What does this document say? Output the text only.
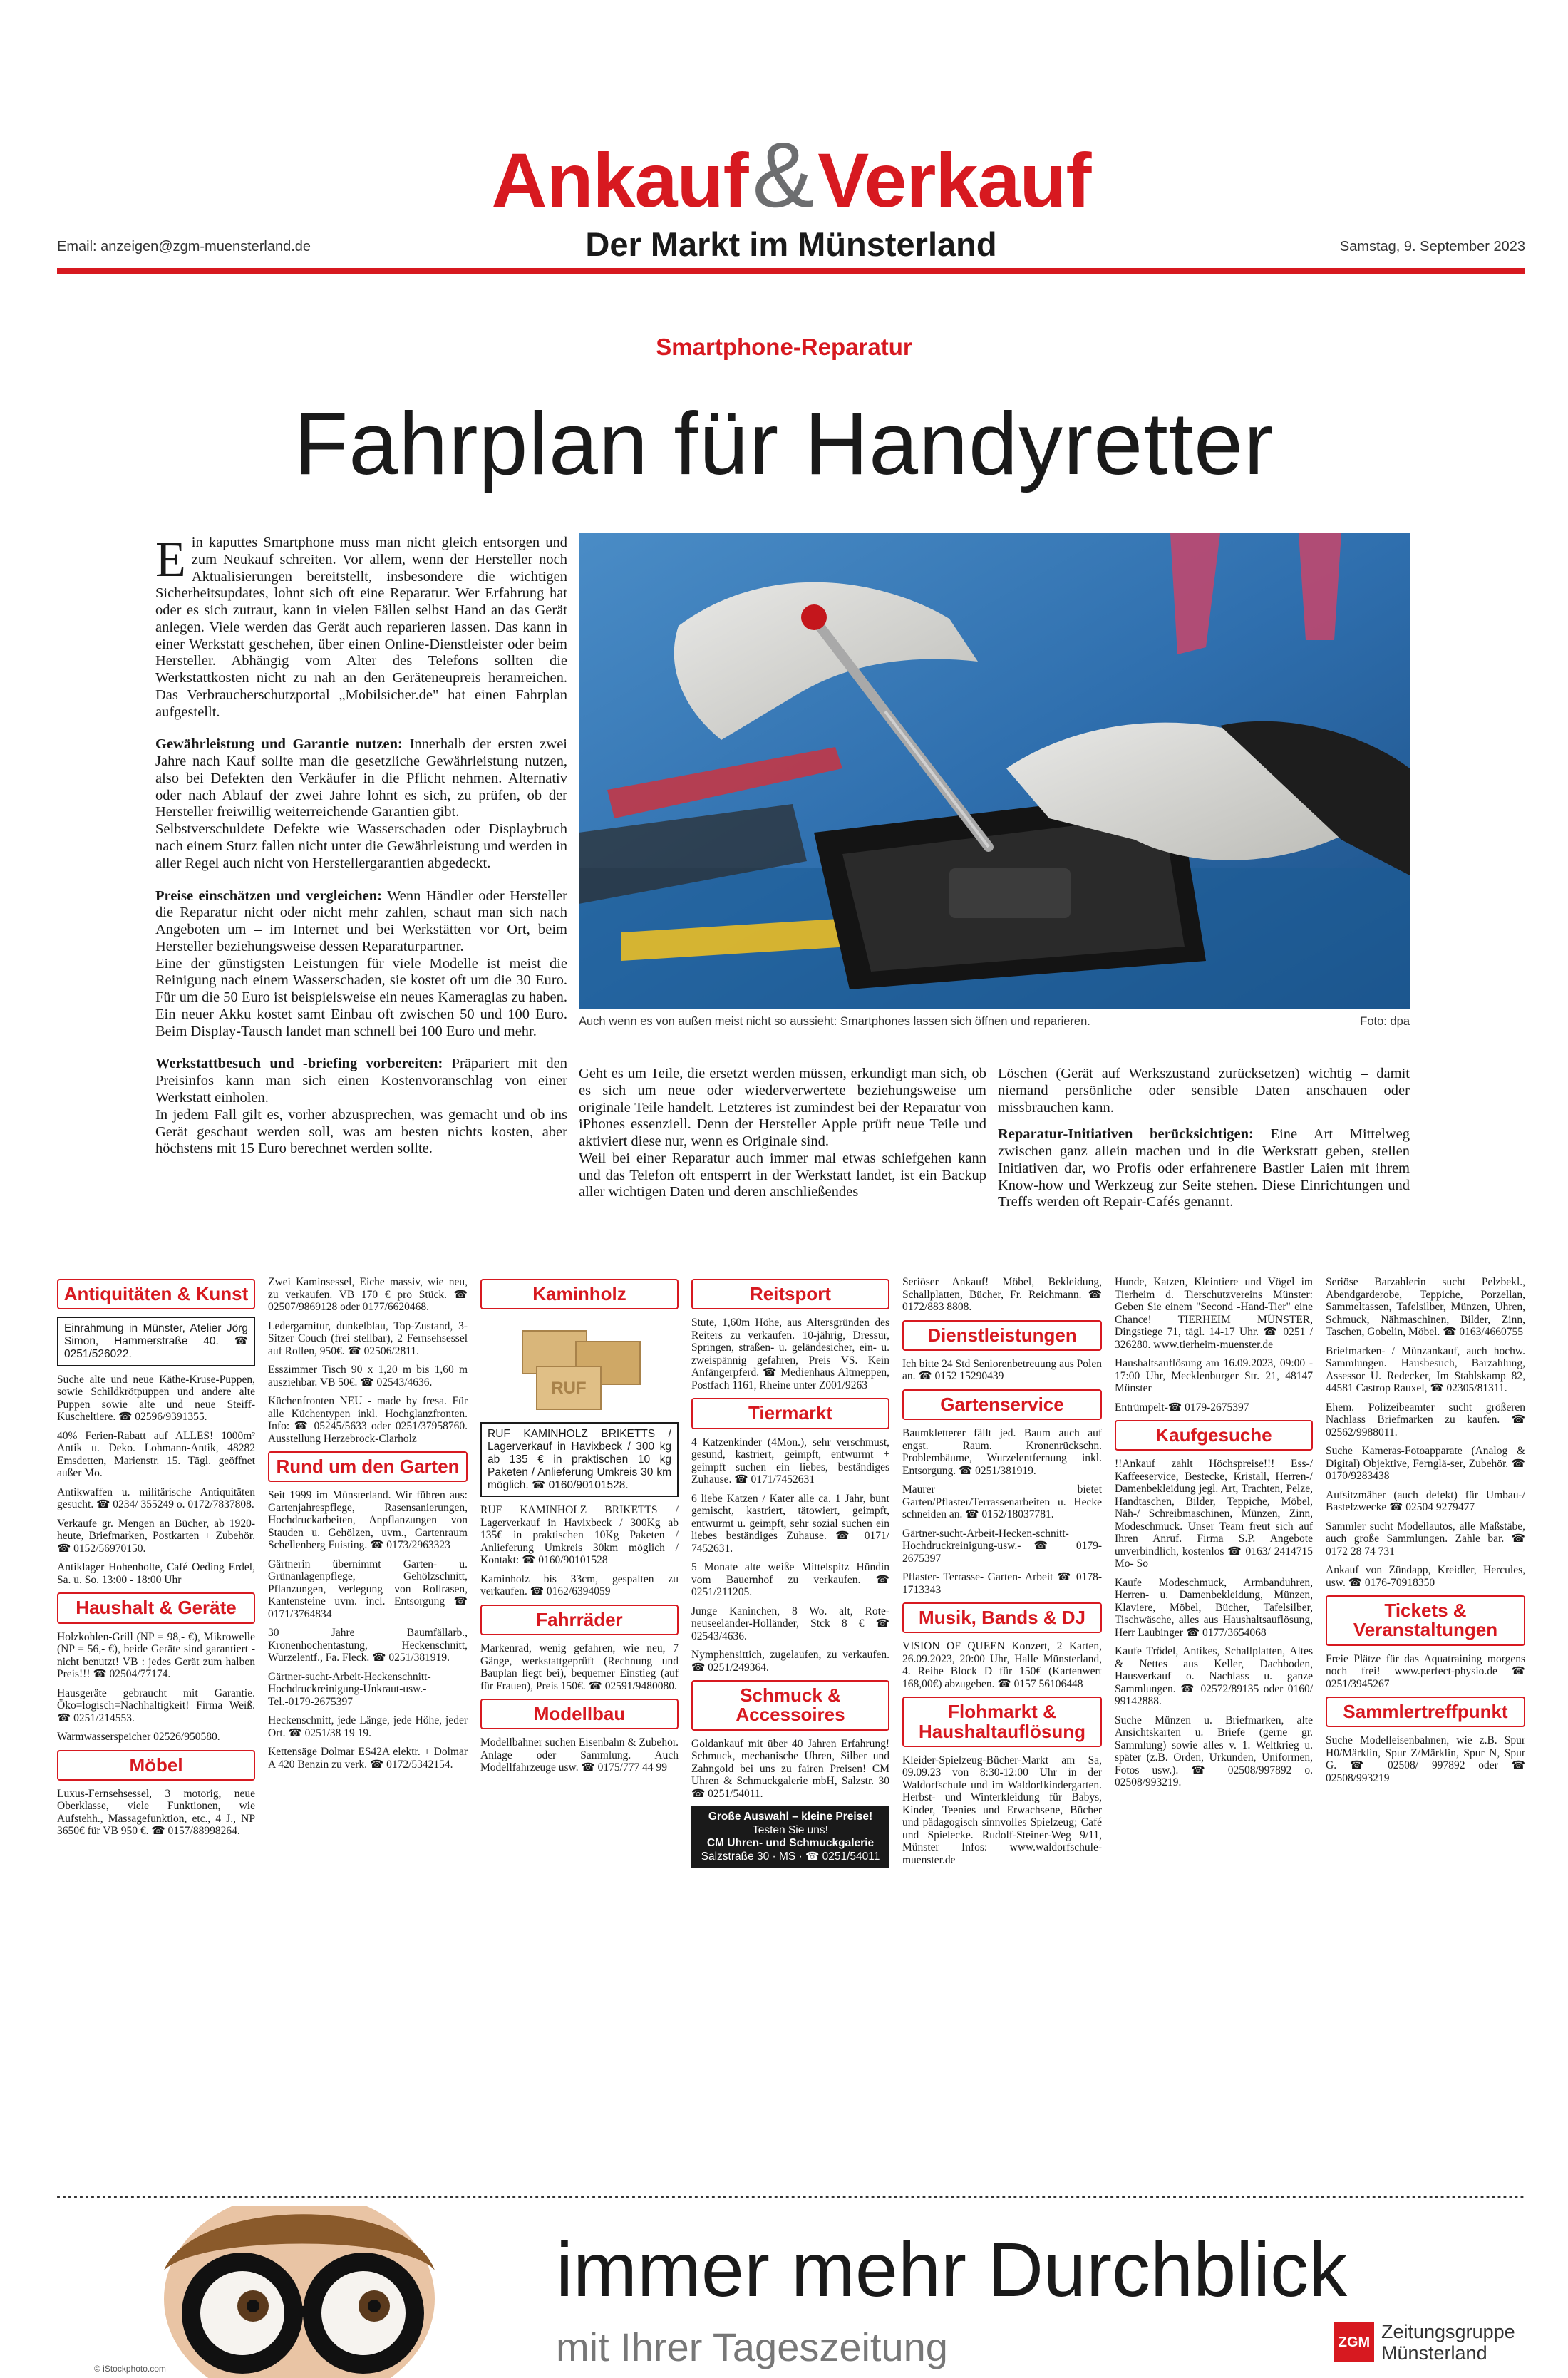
Ankauf&Verkauf
Email: anzeigen@zgm-muensterland.de	Der Markt im Münsterland	Samstag, 9. September 2023
Smartphone-Reparatur
Fahrplan für Handyretter

Ein kaputtes Smartphone muss man nicht gleich entsorgen und zum Neukauf schreiten. Vor allem, wenn der Hersteller noch Aktualisierungen bereitstellt, insbesondere die wichtigen Sicherheitsupdates, lohnt sich oft eine Reparatur. Wer Erfahrung hat oder es sich zutraut, kann in vielen Fällen selbst Hand an das Gerät anlegen. Viele werden das Gerät auch reparieren lassen. Das kann in einer Werkstatt geschehen, über einen Online-Dienstleister oder beim Hersteller. Abhängig vom Alter des Telefons sollten die Werkstattkosten nicht zu nah an den Geräteneupreis heranreichen. Das Verbraucherschutzportal „Mobilsicher.de" hat einen Fahrplan aufgestellt.

Gewährleistung und Garantie nutzen: Innerhalb der ersten zwei Jahre nach Kauf sollte man die gesetzliche Gewährleistung nutzen, also bei Defekten den Verkäufer in die Pflicht nehmen. Alternativ oder nach Ablauf der zwei Jahre lohnt es sich, zu prüfen, ob der Hersteller freiwillig weiterreichende Garantien gibt.
Selbstverschuldete Defekte wie Wasserschaden oder Displaybruch nach einem Sturz fallen nicht unter die Gewährleistung und werden in aller Regel auch nicht von Herstellergarantien abgedeckt.

Preise einschätzen und vergleichen: Wenn Händler oder Hersteller die Reparatur nicht oder nicht mehr zahlen, schaut man sich nach Angeboten um – im Internet und bei Werkstätten vor Ort, beim Hersteller beziehungsweise dessen Reparaturpartner.
Eine der günstigsten Leistungen für viele Modelle ist meist die Reinigung nach einem Wasserschaden, sie kostet oft um die 30 Euro. Für um die 50 Euro ist beispielsweise ein neues Kameraglas zu haben. Ein neuer Akku kostet samt Einbau oft zwischen 50 und 100 Euro. Beim Display-Tausch landet man schnell bei 100 Euro und mehr.

Werkstattbesuch und -briefing vorbereiten: Präpariert mit den Preisinfos kann man sich einen Kostenvoranschlag von einer Werkstatt einholen.
In jedem Fall gilt es, vorher abzusprechen, was gemacht und ob ins Gerät geschaut werden soll, was am besten nichts kosten, aber höchstens mit 15 Euro berechnet werden sollte.

Auch wenn es von außen meist nicht so aussieht: Smartphones lassen sich öffnen und reparieren.	Foto: dpa

Geht es um Teile, die ersetzt werden müssen, erkundigt man sich, ob es sich um neue oder wiederverwertete beziehungsweise um originale Teile handelt. Letzteres ist zumindest bei der Reparatur von iPhones essenziell. Denn der Hersteller Apple prüft neue Teile und aktiviert diese nur, wenn es Originale sind.
Weil bei einer Reparatur auch immer mal etwas schiefgehen kann und das Telefon oft entsperrt in der Werkstatt landet, ist ein Backup aller wichtigen Daten und deren anschließendes

Löschen (Gerät auf Werkszustand zurücksetzen) wichtig – damit niemand persönliche oder sensible Daten anschauen oder missbrauchen kann.

Reparatur-Initiativen berücksichtigen: Eine Art Mittelweg zwischen ganz allein machen und in die Werkstatt geben, stellen Initiativen dar, wo Profis oder erfahrenere Bastler Laien mit ihrem Know-how und Werkzeug zur Seite stehen. Diese Einrichtungen und Treffs werden oft Repair-Cafés genannt.

Antiquitäten & Kunst
Einrahmung in Münster, Atelier Jörg Simon, Hammerstraße 40. ☎ 0251/526022.
Suche alte und neue Käthe-Kruse-Puppen, sowie Schildkrötpuppen und andere alte Puppen sowie alte und neue Steiff-Kuscheltiere. ☎ 02596/9391355.
40% Ferien-Rabatt auf ALLES! 1000m² Antik u. Deko. Lohmann-Antik, 48282 Emsdetten, Marienstr. 15. Tägl. geöffnet außer Mo.
Antikwaffen u. militärische Antiquitäten gesucht. ☎ 0234/ 355249 o. 0172/7837808.
Verkaufe gr. Mengen an Bücher, ab 1920-heute, Briefmarken, Postkarten + Zubehör. ☎ 0152/56970150.
Antiklager Hohenholte, Café Oeding Erdel, Sa. u. So. 13:00 - 18:00 Uhr
Haushalt & Geräte
Holzkohlen-Grill (NP = 98,- €), Mikrowelle (NP = 56,- €), beide Geräte sind garantiert - nicht benutzt! VB : jedes Gerät zum halben Preis!!! ☎ 02504/77174.
Hausgeräte gebraucht mit Garantie. Öko=logisch=Nachhaltigkeit! Firma Weiß. ☎ 0251/214553.
Warmwasserspeicher 02526/950580.
Möbel
Luxus-Fernsehsessel, 3 motorig, neue Oberklasse, viele Funktionen, wie Aufstehh., Massagefunktion, etc., 4 J., NP 3650€ für VB 950 €. ☎ 0157/88998264.
Zwei Kaminsessel, Eiche massiv, wie neu, zu verkaufen. VB 170 € pro Stück. ☎ 02507/9869128 oder 0177/6620468.
Ledergarnitur, dunkelblau, Top-Zustand, 3-Sitzer Couch (frei stellbar), 2 Fernsehsessel auf Rollen, 950€. ☎ 02506/2811.
Esszimmer Tisch 90 x 1,20 m bis 1,60 m ausziehbar. VB 50€. ☎ 02543/4636.
Küchenfronten NEU - made by fresa. Für alle Küchentypen inkl. Hochglanzfronten. Info: ☎ 05245/5633 oder 0251/37958760. Ausstellung Herzebrock-Clarholz
Rund um den Garten
Seit 1999 im Münsterland. Wir führen aus: Gartenjahrespflege, Rasensanierungen, Hochdruckarbeiten, Anpflanzungen von Stauden u. Gehölzen, uvm., Gartenraum Schellenberg Fuisting. ☎ 0173/2963323
Gärtnerin übernimmt Garten- u. Grünanlagenpflege, Gehölzschnitt, Pflanzungen, Verlegung von Rollrasen, Kantensteine uvm. incl. Entsorgung ☎ 0171/3764834
30 Jahre Baumfällarb., Kronenhochentastung, Heckenschnitt, Wurzelentf., Fa. Fleck. ☎ 0251/381919.
Gärtner-sucht-Arbeit-Heckenschnitt-Hochdruckreinigung-Unkraut-usw.-Tel.-0179-2675397
Heckenschnitt, jede Länge, jede Höhe, jeder Ort. ☎ 0251/38 19 19.
Kettensäge Dolmar ES42A elektr. + Dolmar A 420 Benzin zu verk. ☎ 0172/5342154.
Kaminholz
RUF
RUF KAMINHOLZ BRIKETTS / Lagerverkauf in Havixbeck / 300 kg ab 135 € in praktischen 10 kg Paketen / Anlieferung Umkreis 30 km möglich. ☎ 0160/90101528.
RUF KAMINHOLZ BRIKETTS / Lagerverkauf in Havixbeck / 300Kg ab 135€ in praktischen 10Kg Paketen / Anlieferung Umkreis 30km möglich / Kontakt: ☎ 0160/90101528
Kaminholz bis 33cm, gespalten zu verkaufen. ☎ 0162/6394059
Fahrräder
Markenrad, wenig gefahren, wie neu, 7 Gänge, werkstattgeprüft (Rechnung und Bauplan liegt bei), bequemer Einstieg (auf für Frauen), Preis 150€. ☎ 02591/9480080.
Modellbau
Modellbahner suchen Eisenbahn & Zubehör. Anlage oder Sammlung. Auch Modellfahrzeuge usw. ☎ 0175/777 44 99
Reitsport
Stute, 1,60m Höhe, aus Altersgründen des Reiters zu verkaufen. 10-jährig, Dressur, Springen, straßen- u. geländesicher, ein- u. zweispännig gefahren, Preis VS. Kein Anfängerpferd. ☎ Medienhaus Altmeppen, Postfach 1161, Rheine unter Z001/9263
Tiermarkt
4 Katzenkinder (4Mon.), sehr verschmust, gesund, kastriert, geimpft, entwurmt + geimpft suchen ein liebes, beständiges Zuhause. ☎ 0171/7452631
6 liebe Katzen / Kater alle ca. 1 Jahr, bunt gemischt, kastriert, tätowiert, geimpft, entwurmt u. geimpft, sehr sozial suchen ein liebes beständiges Zuhause. ☎ 0171/ 7452631.
5 Monate alte weiße Mittelspitz Hündin vom Bauernhof zu verkaufen. ☎ 0251/211205.
Junge Kaninchen, 8 Wo. alt, Rote-neuseeländer-Holländer, Stck 8 € ☎ 02543/4636.
Nymphensittich, zugelaufen, zu verkaufen. ☎ 0251/249364.
Schmuck & Accessoires
Goldankauf mit über 40 Jahren Erfahrung! Schmuck, mechanische Uhren, Silber und Zahngold bei uns zu fairen Preisen! CM Uhren & Schmuckgalerie mbH, Salzstr. 30 ☎ 0251/54011.
Große Auswahl – kleine Preise!
Testen Sie uns!
CM Uhren- und Schmuckgalerie
Salzstraße 30 · MS · ☎ 0251/54011
Seriöser Ankauf! Möbel, Bekleidung, Schallplatten, Bücher, Fr. Reichmann. ☎ 0172/883 8808.
Dienstleistungen
Ich bitte 24 Std Seniorenbetreuung aus Polen an. ☎ 0152 15290439
Gartenservice
Baumkletterer fällt jed. Baum auch auf engst. Raum. Kronenrückschn. Problembäume, Wurzelentfernung inkl. Entsorgung. ☎ 0251/381919.
Maurer bietet Garten/Pflaster/Terrassenarbeiten u. Hecke schneiden an. ☎ 0152/18037781.
Gärtner-sucht-Arbeit-Hecken-schnitt-Hochdruckreinigung-usw.-☎ 0179-2675397
Pflaster- Terrasse- Garten- Arbeit ☎ 0178-1713343
Musik, Bands & DJ
VISION OF QUEEN Konzert, 2 Karten, 26.09.2023, 20:00 Uhr, Halle Münsterland, 4. Reihe Block D für 150€ (Kartenwert 168,00€) abzugeben. ☎ 0157 56106448
Flohmarkt & Haushaltauflösung
Kleider-Spielzeug-Bücher-Markt am Sa, 09.09.23 von 8:30-12:00 Uhr in der Waldorfschule und im Waldorfkindergarten. Herbst- und Winterkleidung für Babys, Kinder, Teenies und Erwachsene, Bücher und pädagogisch sinnvolles Spielzeug; Café und Spielecke. Rudolf-Steiner-Weg 9/11, Münster Infos: www.waldorfschule-muenster.de
Hunde, Katzen, Kleintiere und Vögel im Tierheim d. Tierschutzvereins Münster: Geben Sie einem "Second -Hand-Tier" eine Chance! TIERHEIM MÜNSTER, Dingstiege 71, tägl. 14-17 Uhr. ☎ 0251 / 326280. www.tierheim-muenster.de
Haushaltsauflösung am 16.09.2023, 09:00 - 17:00 Uhr, Mecklenburger Str. 21, 48147 Münster
Entrümpelt-☎ 0179-2675397
Kaufgesuche
!!Ankauf zahlt Höchspreise!!! Ess-/ Kaffeeservice, Bestecke, Kristall, Herren-/ Damenbekleidung jegl. Art, Trachten, Pelze, Handtaschen, Bilder, Teppiche, Möbel, Näh-/ Schreibmaschinen, Münzen, Zinn, Modeschmuck. Unser Team freut sich auf Ihren Anruf. Firma S.P. Angebote unverbindlich, kostenlos ☎ 0163/ 2414715 Mo- So
Kaufe Modeschmuck, Armbanduhren, Herren- u. Damenbekleidung, Münzen, Klaviere, Möbel, Bücher, Tafelsilber, Tischwäsche, alles aus Haushaltsauflösung, Herr Laubinger ☎ 0177/3654068
Kaufe Trödel, Antikes, Schallplatten, Altes & Nettes aus Keller, Dachboden, Hausverkauf o. Nachlass u. ganze Sammlungen. ☎ 02572/89135 oder 0160/ 99142888.
Suche Münzen u. Briefmarken, alte Ansichtskarten u. Briefe (gerne gr. Sammlung) sowie alles v. 1. Weltkrieg u. später (z.B. Orden, Urkunden, Uniformen, Fotos usw.). ☎ 02508/997892 o. 02508/993219.
Seriöse Barzahlerin sucht Pelzbekl., Abendgarderobe, Teppiche, Porzellan, Sammeltassen, Tafelsilber, Münzen, Uhren, Schmuck, Nähmaschinen, Bilder, Zinn, Taschen, Gobelin, Möbel. ☎ 0163/4660755
Briefmarken- / Münzankauf, auch hochw. Sammlungen. Hausbesuch, Barzahlung, Assessor U. Redecker, Im Stahlskamp 82, 44581 Castrop Rauxel, ☎ 02305/81311.
Ehem. Polizeibeamter sucht größeren Nachlass Briefmarken zu kaufen. ☎ 02562/9988011.
Suche Kameras-Fotoapparate (Analog & Digital) Objektive, Fernglä-ser, Zubehör. ☎ 0170/9283438
Aufsitzmäher (auch defekt) für Umbau-/ Bastelzwecke ☎ 02504 9279477
Sammler sucht Modellautos, alle Maßstäbe, auch große Sammlungen. Zahle bar. ☎ 0172 28 74 731
Ankauf von Zündapp, Kreidler, Hercules, usw. ☎ 0176-70918350
Tickets & Veranstaltungen
Freie Plätze für das Aquatraining morgens noch frei! www.perfect-physio.de ☎ 0251/3945267
Sammlertreffpunkt
Suche Modelleisenbahnen, wie z.B. Spur H0/Märklin, Spur Z/Märklin, Spur N, Spur G. ☎ 02508/ 997892 oder ☎ 02508/993219
© iStockphoto.com
immer mehr Durchblick
mit Ihrer Tageszeitung	ZGM Zeitungsgruppe
Münsterland
